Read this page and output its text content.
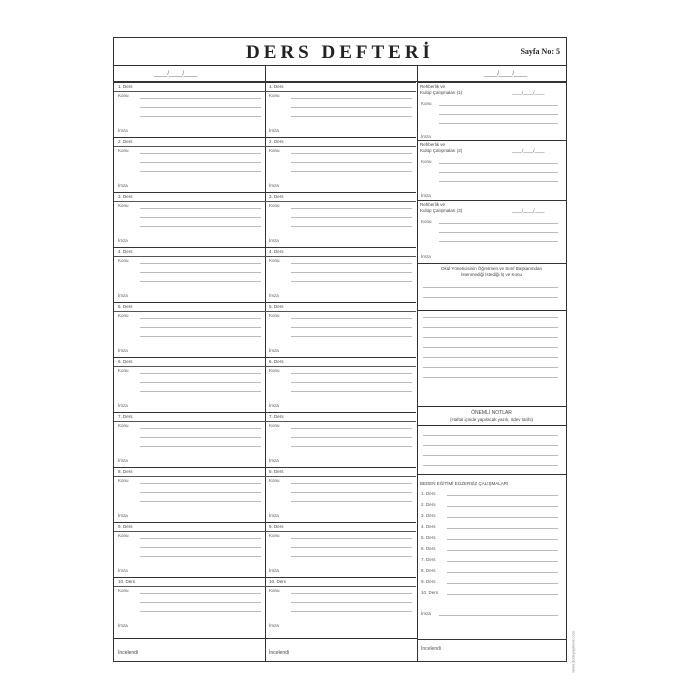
DERS DEFTERİ	Sayfa No: 5
____/____/____	____/____/____
1. Ders
Konu
İmza
2. Ders
Konu
İmza
3. Ders
Konu
İmza
4. Ders
Konu
İmza
5. Ders
Konu
İmza
6. Ders
Konu
İmza
7. Ders
Konu
İmza
8. Ders
Konu
İmza
9. Ders
Konu
İmza
10. Ders
Konu
İmza
1. Ders
Konu
İmza
2. Ders
Konu
İmza
3. Ders
Konu
İmza
4. Ders
Konu
İmza
5. Ders
Konu
İmza
6. Ders
Konu
İmza
7. Ders
Konu
İmza
8. Ders
Konu
İmza
9. Ders
Konu
İmza
10. Ders
Konu
İmza
Rehberlik ve
Kulüp Çalışmaları (1)	____/____/____
Konu
İmza
Rehberlik ve
Kulüp Çalışmaları (2)	____/____/____
Konu
İmza
Rehberlik ve
Kulüp Çalışmaları (3)	____/____/____
Konu
İmza
Okul Yöneticisinin Öğretmen ve Sınıf Başkanından
İstenmediği İstediği İş ve Konu
ÖNEMLİ NOTLAR
(Haftal içinde yapılacak yazılı, ödev tarihi)
BEDEN EĞİTİMİ EGZERSİZ ÇALIŞMALARI
1. Ders
2. Ders
3. Ders
4. Ders
5. Ders
6. Ders
7. Ders
8. Ders
9. Ders
10. Ders
İmza
İncelendi
İncelendi	İncelendi	www.dudeyayinevi.com
